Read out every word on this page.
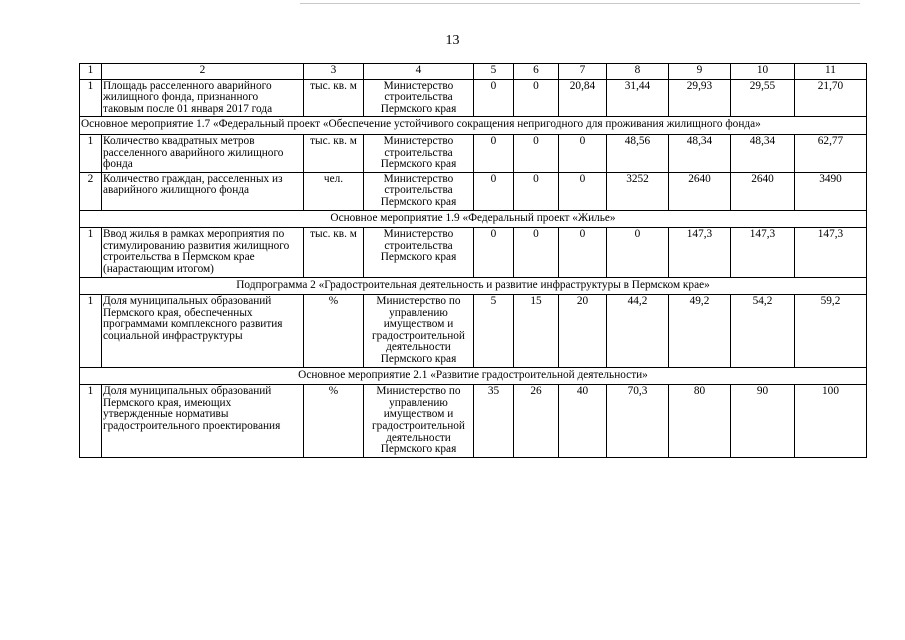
13
1	2	3	4	5	6	7	8	9	10	11
1	Площадь расселенного аварийного жилищного фонда, признанного таковым после 01 января 2017 года	тыс. кв. м	Министерство строительства Пермского края	0	0	20,84	31,44	29,93	29,55	21,70
Основное мероприятие 1.7 «Федеральный проект «Обеспечение устойчивого сокращения непригодного для проживания жилищного фонда»										
1	Количество квадратных метров расселенного аварийного жилищного фонда	тыс. кв. м	Министерство строительства Пермского края	0	0	0	48,56	48,34	48,34	62,77
2	Количество граждан, расселенных из аварийного жилищного фонда	чел.	Министерство строительства Пермского края	0	0	0	3252	2640	2640	3490
Основное мероприятие 1.9 «Федеральный проект «Жилье»										
1	Ввод жилья в рамках мероприятия по стимулированию развития жилищного строительства в Пермском крае (нарастающим итогом)	тыс. кв. м	Министерство строительства Пермского края	0	0	0	0	147,3	147,3	147,3
Подпрограмма 2 «Градостроительная деятельность и развитие инфраструктуры в Пермском крае»										
1	Доля муниципальных образований Пермского края, обеспеченных программами комплексного развития социальной инфраструктуры	%	Министерство по управлению имуществом и градостроительной деятельности Пермского края	5	15	20	44,2	49,2	54,2	59,2
Основное мероприятие 2.1 «Развитие градостроительной деятельности»										
1	Доля муниципальных образований Пермского края, имеющих утвержденные нормативы градостроительного проектирования	%	Министерство по управлению имуществом и градостроительной деятельности Пермского края	35	26	40	70,3	80	90	100
